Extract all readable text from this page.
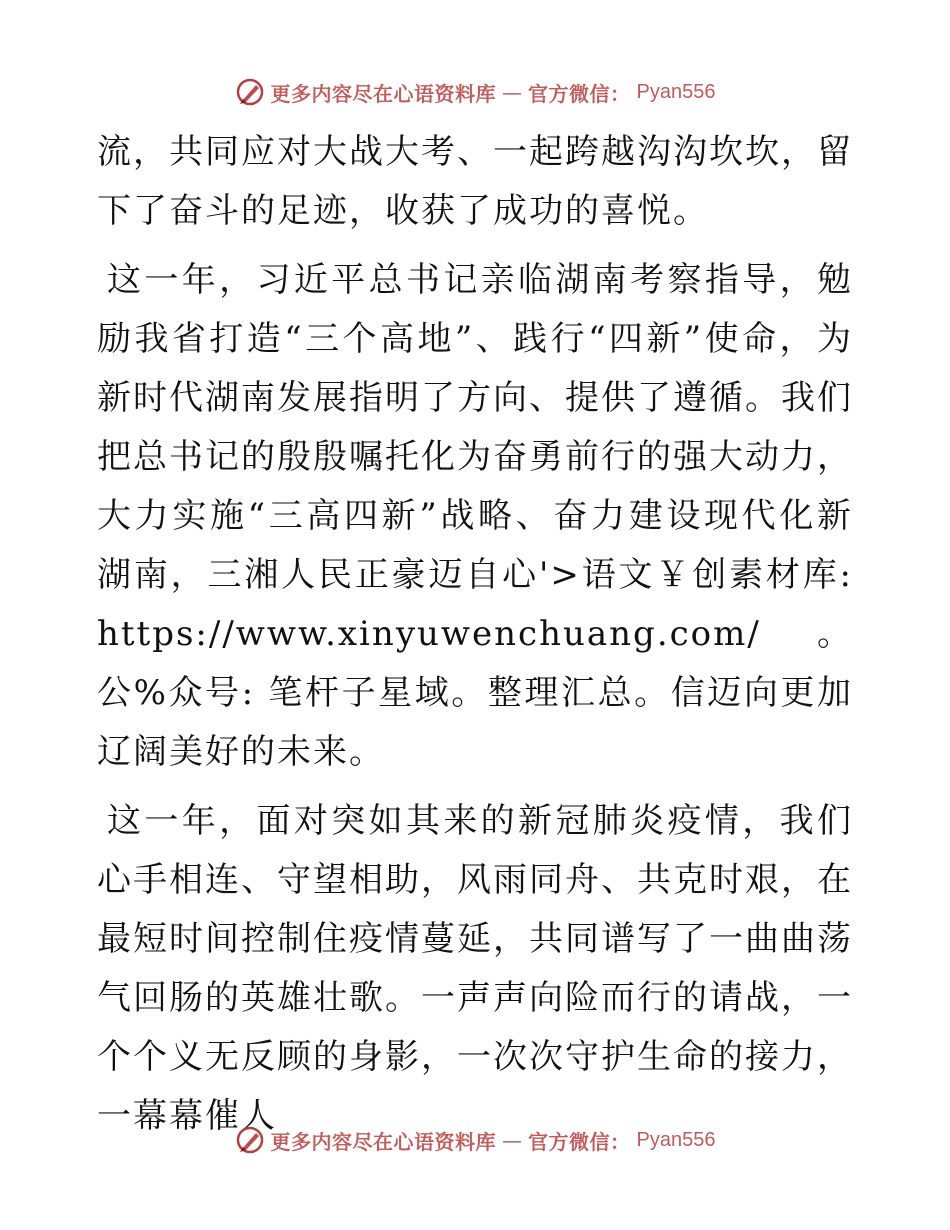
更多内容尽在心语资料库 — 官方微信： Pyan556

流，共同应对大战大考、一起跨越沟沟坎坎，留下了奋斗的足迹，收获了成功的喜悦。

这一年，习近平总书记亲临湖南考察指导，勉励我省打造“三个高地”、践行“四新”使命，为新时代湖南发展指明了方向、提供了遵循。我们把总书记的殷殷嘱托化为奋勇前行的强大动力，大力实施“三高四新”战略、奋力建设现代化新湖南，三湘人民正豪迈自心'>语文￥创素材库: https://www.xinyuwenchuang.com/。公%众号: 笔杆子星域。整理汇总。信迈向更加辽阔美好的未来。

这一年，面对突如其来的新冠肺炎疫情，我们心手相连、守望相助，风雨同舟、共克时艰，在最短时间控制住疫情蔓延，共同谱写了一曲曲荡气回肠的英雄壮歌。一声声向险而行的请战，一个个义无反顾的身影，一次次守护生命的接力，一幕幕催人

更多内容尽在心语资料库 — 官方微信： Pyan556
